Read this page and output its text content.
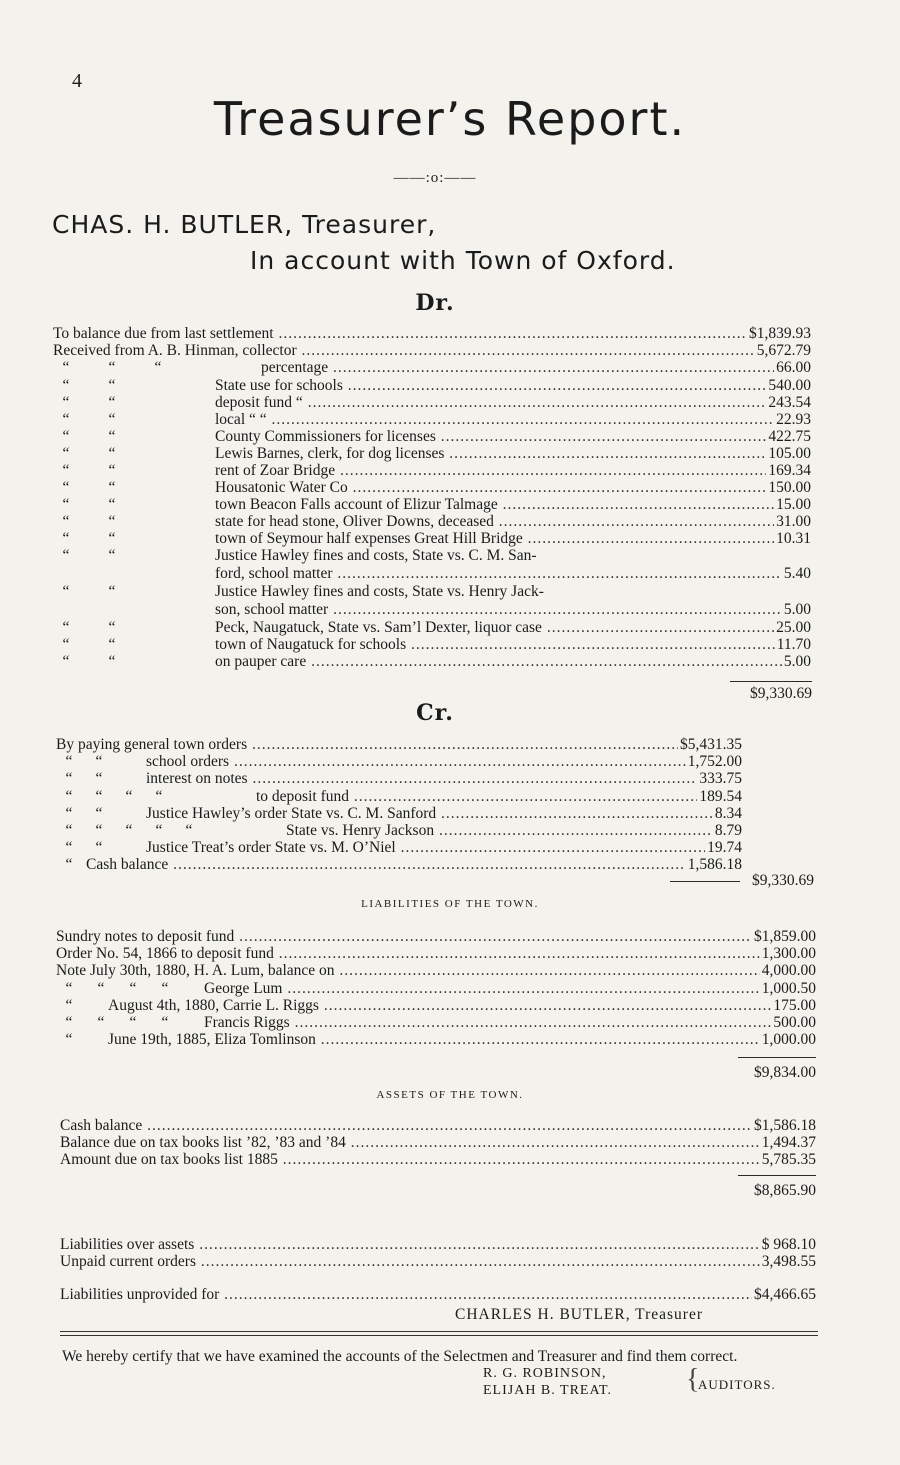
4
Treasurer’s Report.
——:o:——
CHAS. H. BUTLER, Treasurer,
In account with Town of Oxford.
Dr.
To balance due from last settlement .....	$1,839.93
Received from A. B. Hinman, collector .....	5,672.79
“	“	“	percentage .....	66.00
“	“	State use for schools .....	540.00
“	“	deposit fund “ .....	243.54
“	“	local “ “ .....	22.93
“	“	County Commissioners for licenses .....	422.75
“	“	Lewis Barnes, clerk, for dog licenses .....	105.00
“	“	rent of Zoar Bridge .....	169.34
“	“	Housatonic Water Co .....	150.00
“	“	town Beacon Falls account of Elizur Talmage .....	15.00
“	“	state for head stone, Oliver Downs, deceased .....	31.00
“	“	town of Seymour half expenses Great Hill Bridge .....	10.31
“	“	Justice Hawley fines and costs, State vs. C. M. San-
ford, school matter .....	5.40
“	“	Justice Hawley fines and costs, State vs. Henry Jack-
son, school matter .....	5.00
“	“	Peck, Naugatuck, State vs. Sam’l Dexter, liquor case .....	25.00
“	“	town of Naugatuck for schools .....	11.70
“	“	on pauper care .....	5.00
$9,330.69
Cr.
By paying general town orders .....	$5,431.35
“ “	school orders .....	1,752.00
“ “	interest on notes .....	333.75
“ “ “ “	to deposit fund .....	189.54
“ “	Justice Hawley’s order State vs. C. M. Sanford .....	8.34
“ “ “ “ “	State vs. Henry Jackson .....	8.79
“ “	Justice Treat’s order State vs. M. O’Niel .....	19.74
“ Cash balance .....	1,586.18
$9,330.69
LIABILITIES OF THE TOWN.
Sundry notes to deposit fund .....	$1,859.00
Order No. 54, 1866 to deposit fund .....	1,300.00
Note July 30th, 1880, H. A. Lum, balance on .....	4,000.00
“ “ “ “ George Lum .....	1,000.50
“ August 4th, 1880, Carrie L. Riggs .....	175.00
“ “ “ “ Francis Riggs .....	500.00
“ June 19th, 1885, Eliza Tomlinson .....	1,000.00
$9,834.00
ASSETS OF THE TOWN.
Cash balance .....	$1,586.18
Balance due on tax books list ’82, ’83 and ’84 .....	1,494.37
Amount due on tax books list 1885 .....	5,785.35
$8,865.90
Liabilities over assets .....	$ 968.10
Unpaid current orders .....	3,498.55
Liabilities unprovided for .....	$4,466.65
CHARLES H. BUTLER, Treasurer
We hereby certify that we have examined the accounts of the Selectmen and Treasurer and find them correct.
R. G. ROBINSON,
ELIJAH B. TREAT.	{
AUDITORS.
